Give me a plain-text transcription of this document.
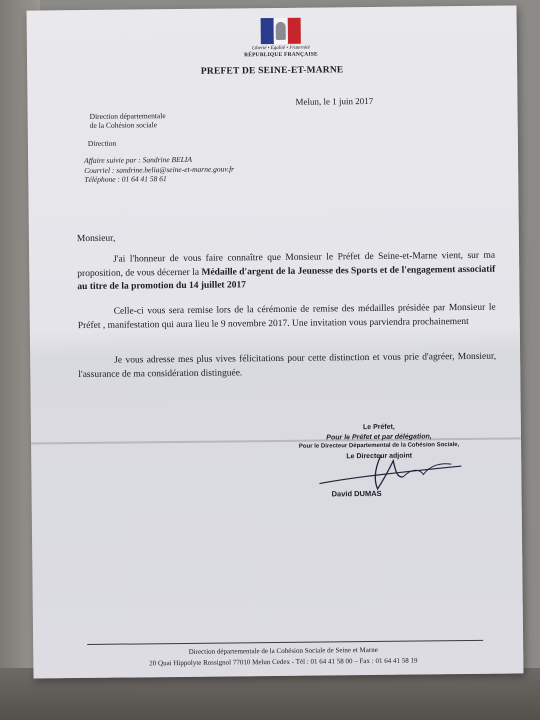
Liberté • Égalité • Fraternité
RÉPUBLIQUE FRANÇAISE
PREFET DE SEINE-ET-MARNE
Melun, le 1 juin 2017
Direction départementale
de la Cohésion sociale
Direction
Affaire suivie par : Sandrine BELIA
Courriel : sandrine.belia@seine-et-marne.gouv.fr
Téléphone : 01 64 41 58 61
Monsieur,
J'ai l'honneur de vous faire connaître que Monsieur le Préfet de Seine-et-Marne vient, sur ma proposition, de vous décerner la Médaille d'argent de la Jeunesse des Sports et de l'engagement associatif au titre de la promotion du 14 juillet 2017
Celle-ci vous sera remise lors de la cérémonie de remise des médailles présidée par Monsieur le Préfet , manifestation qui aura lieu le 9 novembre 2017. Une invitation vous parviendra prochainement
Je vous adresse mes plus vives félicitations pour cette distinction et vous prie d'agréer, Monsieur, l'assurance de ma considération distinguée.
Le Préfet,
Pour le Préfet et par délégation,
Pour le Directeur Départemental de la Cohésion Sociale,
Le Directeur adjoint
David DUMAS
Direction départementale de la Cohésion Sociale de Seine et Marne
20 Quai Hippolyte Rossignol 77010 Melun Cedex - Tél : 01 64 41 58 00 – Fax : 01 64 41 58 19
